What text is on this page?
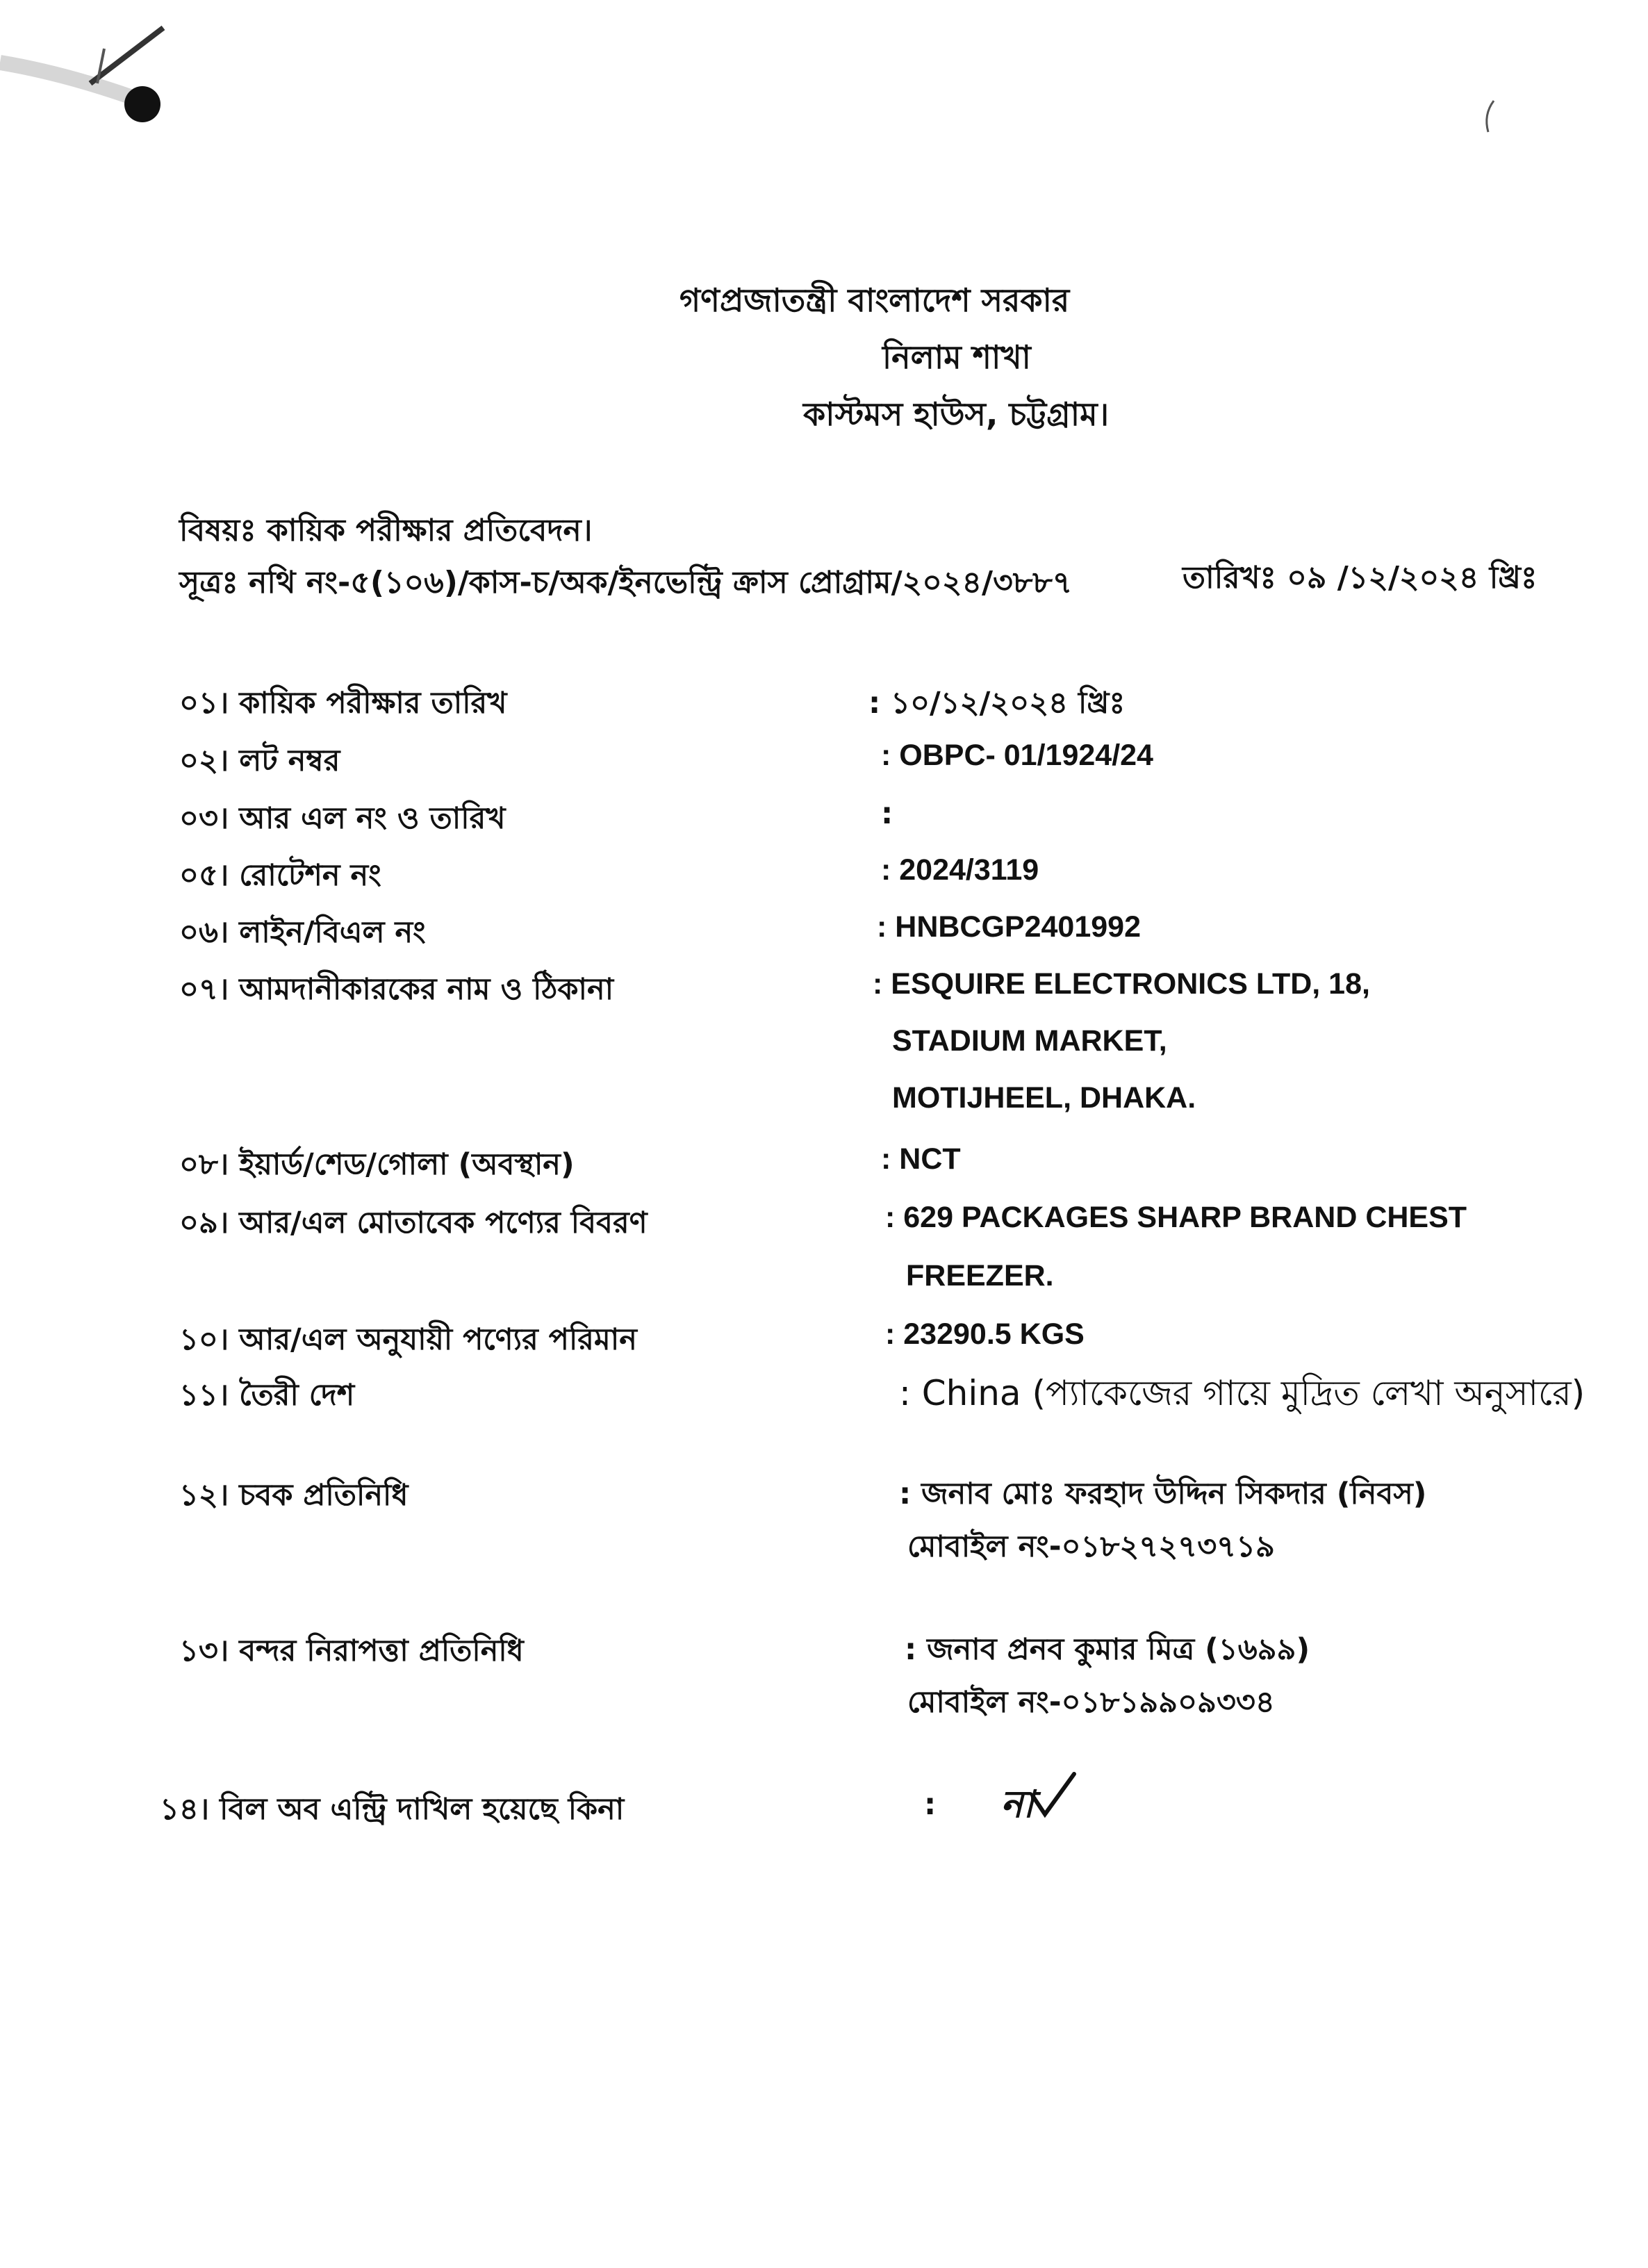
গণপ্রজাতন্ত্রী বাংলাদেশ সরকার
নিলাম শাখা
কাস্টমস হাউস, চট্টগ্রাম।
বিষয়ঃ কায়িক পরীক্ষার প্রতিবেদন।
সূত্রঃ নথি নং-৫(১০৬)/কাস-চ/অক/ইনভেন্ট্রি ক্রাস প্রোগ্রাম/২০২৪/৩৮৮৭	তারিখঃ ০৯ /১২/২০২৪ খ্রিঃ
০১। কায়িক পরীক্ষার তারিখ	: ১০/১২/২০২৪ খ্রিঃ
০২। লট নম্বর	: OBPC- 01/1924/24
০৩। আর এল নং ও তারিখ	:
০৫। রোটেশন নং	: 2024/3119
০৬। লাইন/বিএল নং	: HNBCGP2401992
০৭। আমদানীকারকের নাম ও ঠিকানা	: ESQUIRE ELECTRONICS LTD, 18,
STADIUM MARKET,
MOTIJHEEL, DHAKA.
০৮। ইয়ার্ড/শেড/গোলা (অবস্থান)	: NCT
০৯। আর/এল মোতাবেক পণ্যের বিবরণ	: 629 PACKAGES SHARP BRAND CHEST
FREEZER.
১০। আর/এল অনুযায়ী পণ্যের পরিমান	: 23290.5 KGS
১১। তৈরী দেশ	: China (প্যাকেজের গায়ে মুদ্রিত লেখা অনুসারে)
১২। চবক প্রতিনিধি	: জনাব মোঃ ফরহাদ উদ্দিন সিকদার (নিবস)
মোবাইল নং-০১৮২৭২৭৩৭১৯
১৩। বন্দর নিরাপত্তা প্রতিনিধি	: জনাব প্রনব কুমার মিত্র (১৬৯৯)
মোবাইল নং-০১৮১৯৯০৯৩৩৪
১৪। বিল অব এন্ট্রি দাখিল হয়েছে কিনা	: না
